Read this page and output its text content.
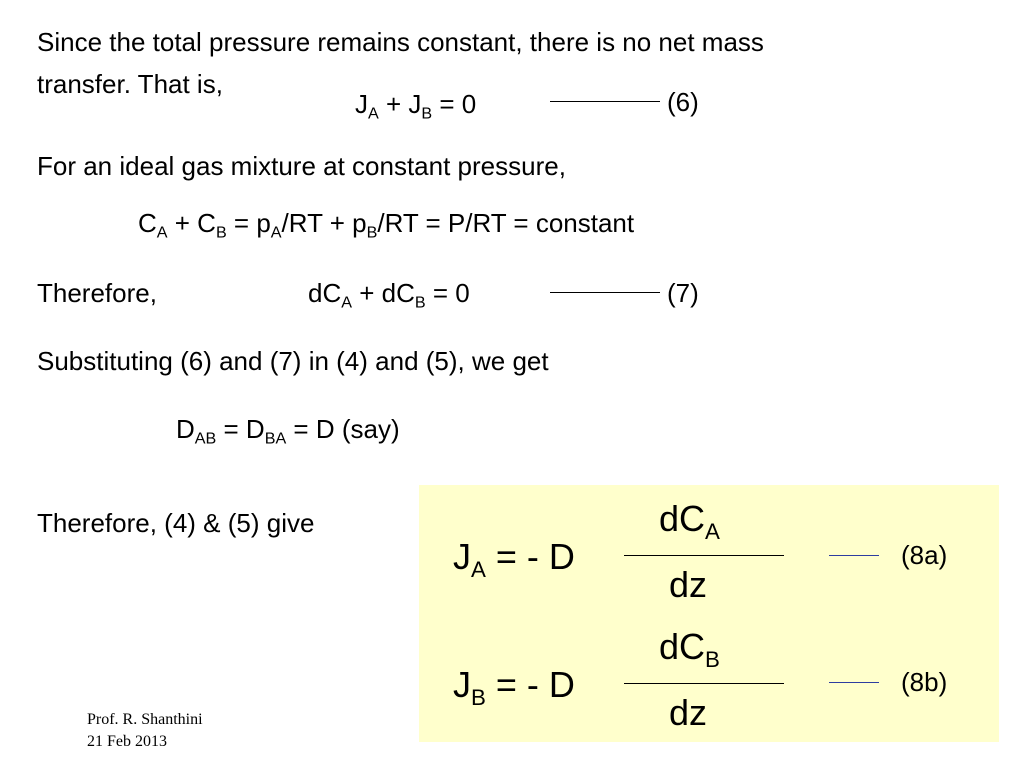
Since the total pressure remains constant, there is no net mass
transfer. That is,
$J_A + J_B = 0$	(6)
For an ideal gas mixture at constant pressure,
$C_A + C_B = p_A/RT + p_B/RT = P/RT$ = constant
Therefore,	$dC_A + dC_B = 0$	(7)
Substituting (6) and (7) in (4) and (5), we get
$D_{AB} = D_{BA} = D$ (say)
Therefore, (4) & (5) give
$J_A$ = - D
$dC_A$
dz
(8a)
$J_B$ = - D
$dC_B$
dz
(8b)
Prof. R. Shanthini
21 Feb 2013
